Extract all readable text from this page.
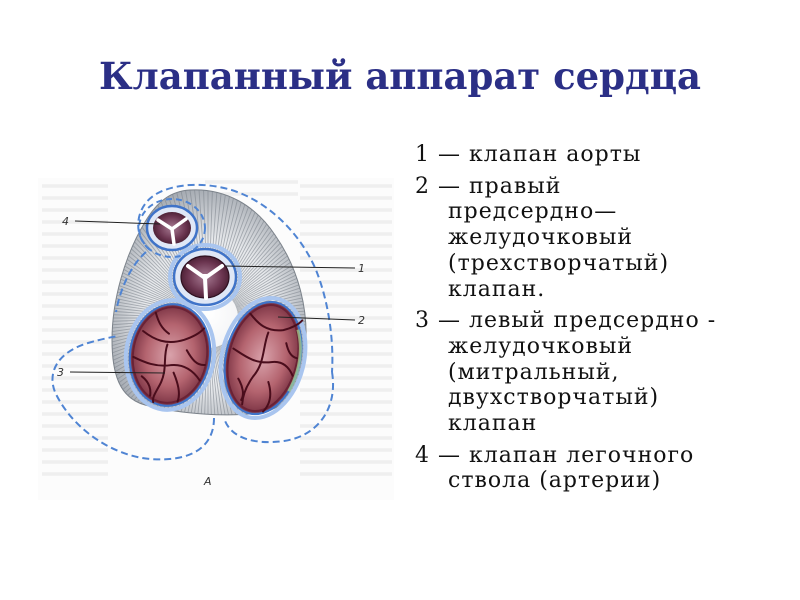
Клапанный аппарат сердца
1
2
3
4
A
1 — клапан аорты
2 — правый
предсердно—
желудочковый
(трехстворчатый)
клапан.
3 — левый предсердно -
желудочковый
(митральный,
двухстворчатый)
клапан
4 — клапан легочного
ствола (артерии)
